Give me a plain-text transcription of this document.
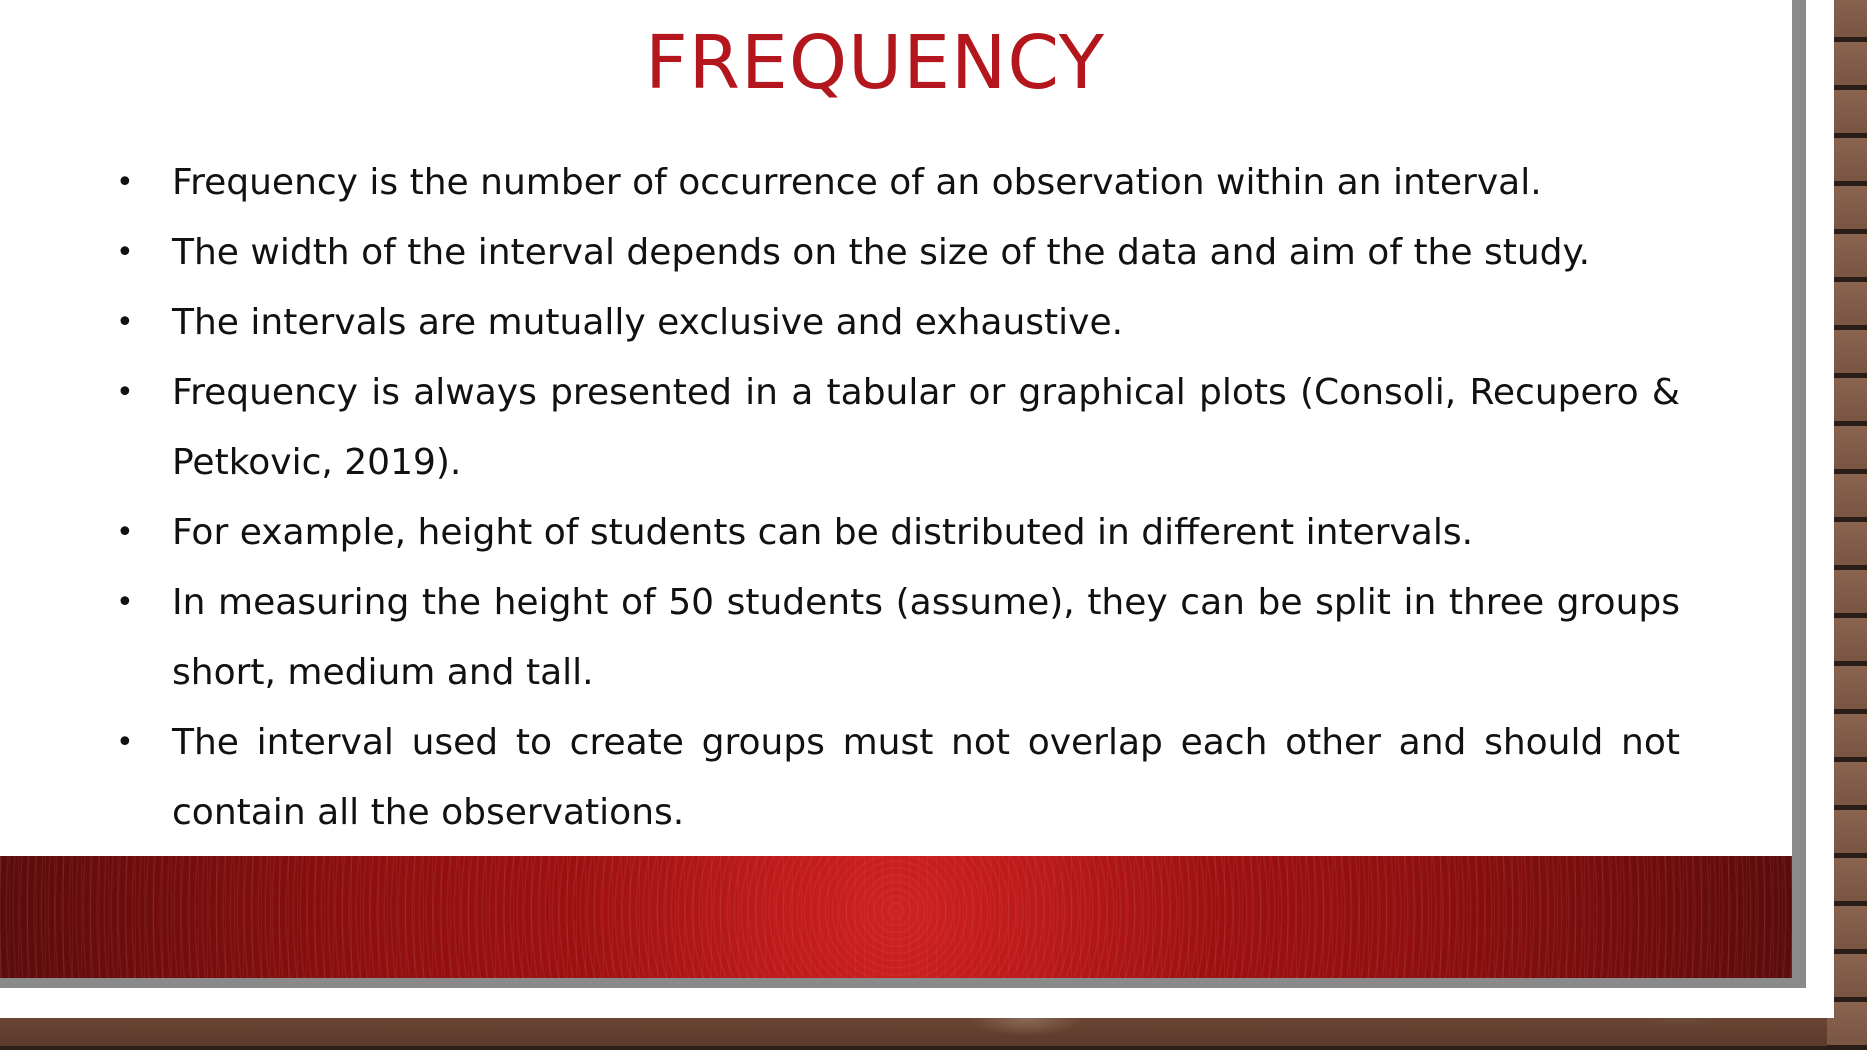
FREQUENCY
• Frequency is the number of occurrence of an observation within an interval.
• The width of the interval depends on the size of the data and aim of the study.
• The intervals are mutually exclusive and exhaustive.
• Frequency is always presented in a tabular or graphical plots (Consoli, Recupero & Petkovic, 2019).
• For example, height of students can be distributed in different intervals.
• In measuring the height of 50 students (assume), they can be split in three groups short, medium and tall.
• The interval used to create groups must not overlap each other and should not contain all the observations.
